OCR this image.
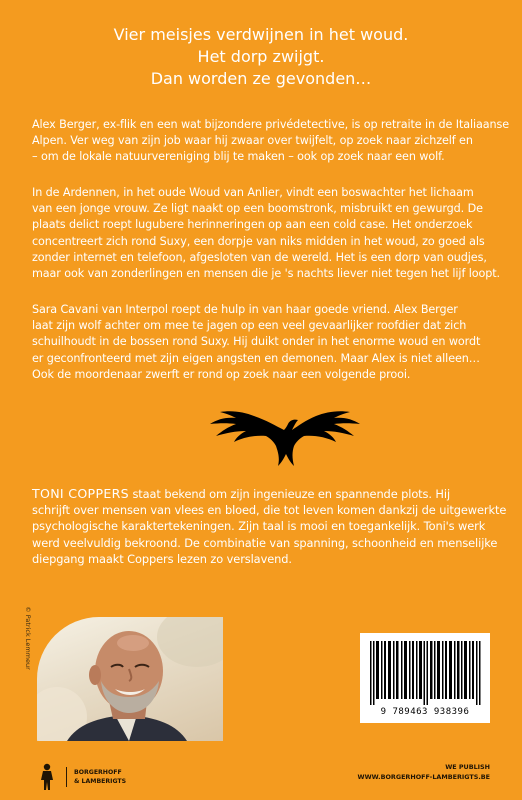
Vier meisjes verdwijnen in het woud.
Het dorp zwijgt.
Dan worden ze gevonden…
Alex Berger, ex-flik en een wat bijzondere privédetective, is op retraite in de Italiaanse
Alpen. Ver weg van zijn job waar hij zwaar over twijfelt, op zoek naar zichzelf en
– om de lokale natuurvereniging blij te maken – ook op zoek naar een wolf.
In de Ardennen, in het oude Woud van Anlier, vindt een boswachter het lichaam
van een jonge vrouw. Ze ligt naakt op een boomstronk, misbruikt en gewurgd. De
plaats delict roept lugubere herinneringen op aan een cold case. Het onderzoek
concentreert zich rond Suxy, een dorpje van niks midden in het woud, zo goed als
zonder internet en telefoon, afgesloten van de wereld. Het is een dorp van oudjes,
maar ook van zonderlingen en mensen die je 's nachts liever niet tegen het lijf loopt.
Sara Cavani van Interpol roept de hulp in van haar goede vriend. Alex Berger
laat zijn wolf achter om mee te jagen op een veel gevaarlijker roofdier dat zich
schuilhoudt in de bossen rond Suxy. Hij duikt onder in het enorme woud en wordt
er geconfronteerd met zijn eigen angsten en demonen. Maar Alex is niet alleen…
Ook de moordenaar zwerft er rond op zoek naar een volgende prooi.
TONI COPPERS staat bekend om zijn ingenieuze en spannende plots. Hij
schrijft over mensen van vlees en bloed, die tot leven komen dankzij de uitgewerkte
psychologische karaktertekeningen. Zijn taal is mooi en toegankelijk. Toni's werk
werd veelvuldig bekroond. De combinatie van spanning, schoonheid en menselijke
diepgang maakt Coppers lezen zo verslavend.
© Patrick Lemmeur
9 789463 938396
BORGERHOFF
& LAMBERIGTS
WE PUBLISH
WWW.BORGERHOFF-LAMBERIGTS.BE
